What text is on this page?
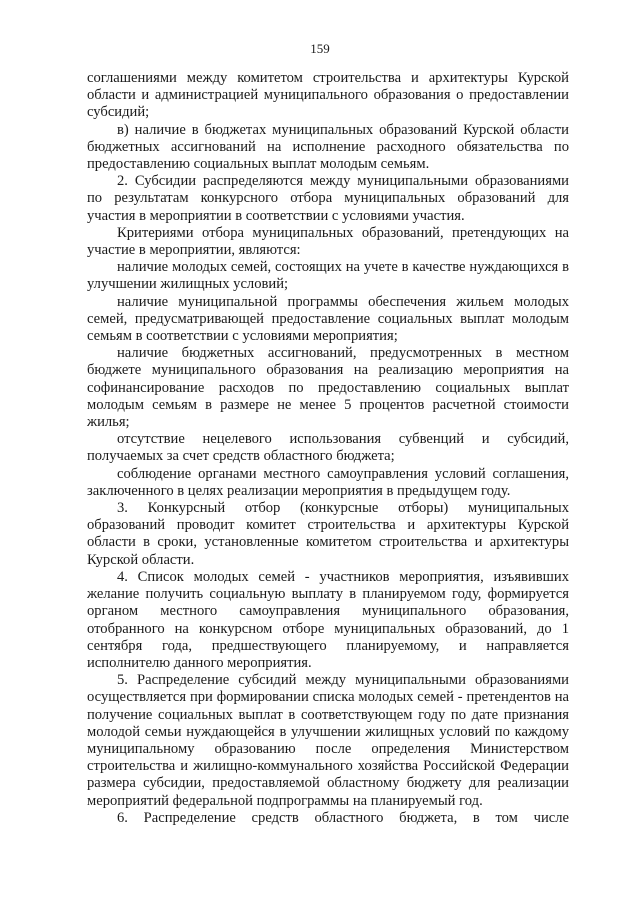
159

соглашениями между комитетом строительства и архитектуры Курской области и администрацией муниципального образования о предоставлении субсидий;

в) наличие в бюджетах муниципальных образований Курской области бюджетных ассигнований на исполнение расходного обязательства по предоставлению социальных выплат молодым семьям.

2. Субсидии распределяются между муниципальными образованиями по результатам конкурсного отбора муниципальных образований для участия в мероприятии в соответствии с условиями участия.

Критериями отбора муниципальных образований, претендующих на участие в мероприятии, являются:

наличие молодых семей, состоящих на учете в качестве нуждающихся в улучшении жилищных условий;

наличие муниципальной программы обеспечения жильем молодых семей, предусматривающей предоставление социальных выплат молодым семьям в соответствии с условиями мероприятия;

наличие бюджетных ассигнований, предусмотренных в местном бюджете муниципального образования на реализацию мероприятия на софинансирование расходов по предоставлению социальных выплат молодым семьям в размере не менее 5 процентов расчетной стоимости жилья;

отсутствие нецелевого использования субвенций и субсидий, получаемых за счет средств областного бюджета;

соблюдение органами местного самоуправления условий соглашения, заключенного в целях реализации мероприятия в предыдущем году.

3. Конкурсный отбор (конкурсные отборы) муниципальных образований проводит комитет строительства и архитектуры Курской области в сроки, установленные комитетом строительства и архитектуры Курской области.

4. Список молодых семей - участников мероприятия, изъявивших желание получить социальную выплату в планируемом году, формируется органом местного самоуправления муниципального образования, отобранного на конкурсном отборе муниципальных образований, до 1 сентября года, предшествующего планируемому, и направляется исполнителю данного мероприятия.

5. Распределение субсидий между муниципальными образованиями осуществляется при формировании списка молодых семей - претендентов на получение социальных выплат в соответствующем году по дате признания молодой семьи нуждающейся в улучшении жилищных условий по каждому муниципальному образованию после определения Министерством строительства и жилищно-коммунального хозяйства Российской Федерации размера субсидии, предоставляемой областному бюджету для реализации мероприятий федеральной подпрограммы на планируемый год.

6. Распределение средств областного бюджета, в том числе
